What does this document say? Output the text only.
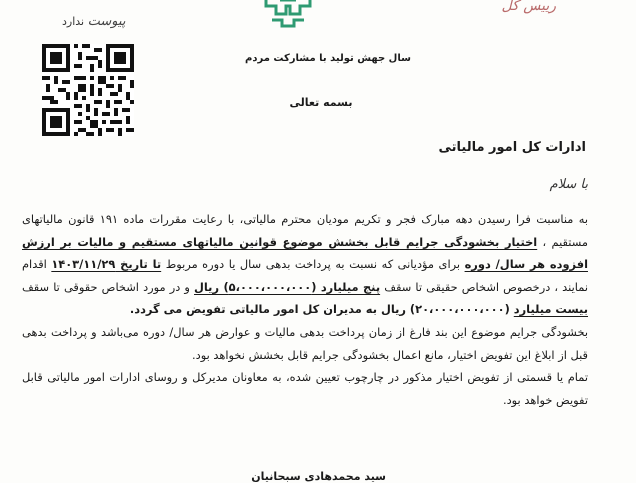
پیوست ندارد
رییس کل
سال جهش تولید با مشارکت مردم
بسمه تعالی
ادارات کل امور مالیاتی
با سلام

به مناسبت فرا رسیدن دهه مبارک فجر و تکریم مودیان محترم مالیاتی، با رعایت مقررات ماده ۱۹۱ قانون مالیاتهای مستقیم ، اختیار بخشودگی جرایم قابل بخشش موضوع قوانین مالیاتهای مستقیم و مالیات بر ارزش افزوده هر سال/ دوره برای مؤدیانی که نسبت به پرداخت بدهی سال یا دوره مربوط تا تاریخ ۱۴۰۳/۱۱/۲۹ اقدام نمایند ، درخصوص اشخاص حقیقی تا سقف پنج میلیارد (۵،۰۰۰،۰۰۰،۰۰۰) ریال و در مورد اشخاص حقوقی تا سقف بیست میلیارد (۲۰،۰۰۰،۰۰۰،۰۰۰) ریال به مدیران کل امور مالیاتی تفویض می گردد.

بخشودگی جرایم موضوع این بند فارغ از زمان پرداخت بدهی مالیات و عوارض هر سال/ دوره می‌باشد و پرداخت بدهی قبل از ابلاغ این تفویض اختیار، مانع اعمال بخشودگی جرایم قابل بخشش نخواهد بود.

تمام یا قسمتی از تفویض اختیار مذکور در چارچوب تعیین شده، به معاونان مدیرکل و روسای ادارات امور مالیاتی قابل تفویض خواهد بود.

سید محمدهادی سبحانیان
